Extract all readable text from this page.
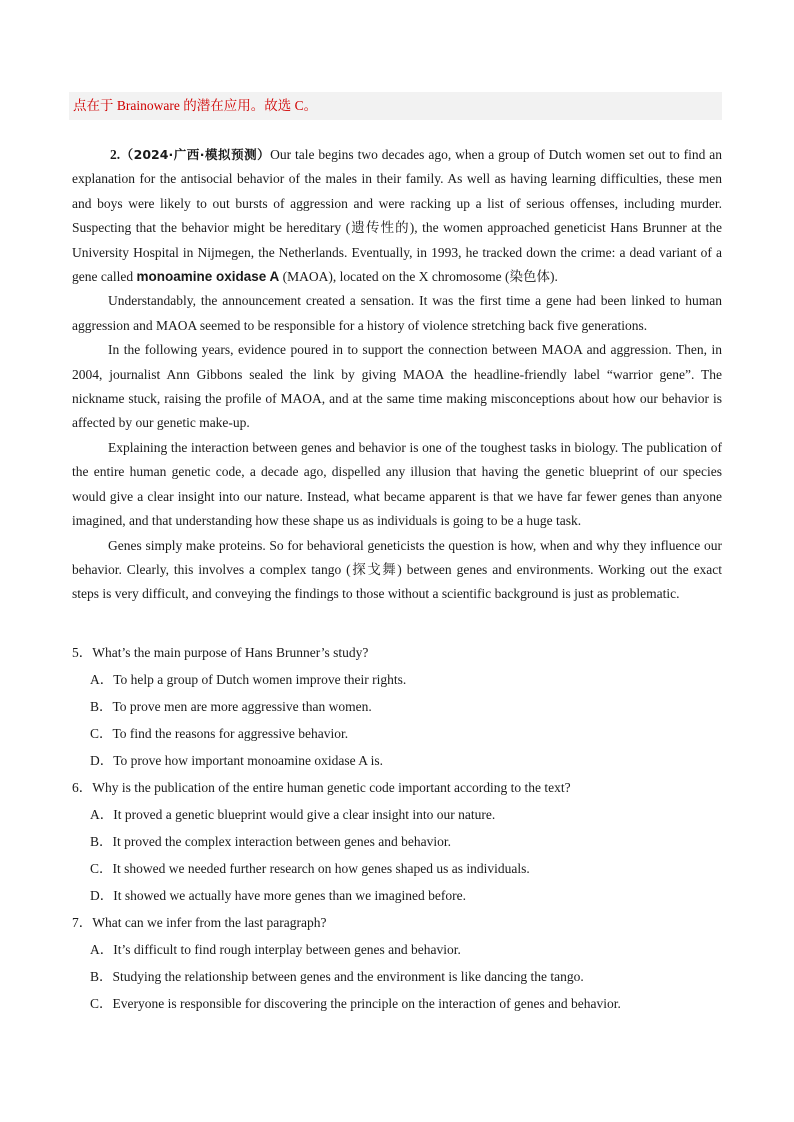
点在于 Brainoware 的潜在应用。故选 C。

2.（2024·广西·模拟预测）Our tale begins two decades ago, when a group of Dutch women set out to find an explanation for the antisocial behavior of the males in their family. As well as having learning difficulties, these men and boys were likely to out bursts of aggression and were racking up a list of serious offenses, including murder. Suspecting that the behavior might be hereditary (遗传性的), the women approached geneticist Hans Brunner at the University Hospital in Nijmegen, the Netherlands. Eventually, in 1993, he tracked down the crime: a dead variant of a gene called monoamine oxidase A (MAOA), located on the X chromosome (染色体).

Understandably, the announcement created a sensation. It was the first time a gene had been linked to human aggression and MAOA seemed to be responsible for a history of violence stretching back five generations.

In the following years, evidence poured in to support the connection between MAOA and aggression. Then, in 2004, journalist Ann Gibbons sealed the link by giving MAOA the headline-friendly label “warrior gene”. The nickname stuck, raising the profile of MAOA, and at the same time making misconceptions about how our behavior is affected by our genetic make-up.

Explaining the interaction between genes and behavior is one of the toughest tasks in biology. The publication of the entire human genetic code, a decade ago, dispelled any illusion that having the genetic blueprint of our species would give a clear insight into our nature. Instead, what became apparent is that we have far fewer genes than anyone imagined, and that understanding how these shape us as individuals is going to be a huge task.

Genes simply make proteins. So for behavioral geneticists the question is how, when and why they influence our behavior. Clearly, this involves a complex tango (探戈舞) between genes and environments. Working out the exact steps is very difficult, and conveying the findings to those without a scientific background is just as problematic.

5．What’s the main purpose of Hans Brunner’s study?
A．To help a group of Dutch women improve their rights.
B．To prove men are more aggressive than women.
C．To find the reasons for aggressive behavior.
D．To prove how important monoamine oxidase A is.
6．Why is the publication of the entire human genetic code important according to the text?
A．It proved a genetic blueprint would give a clear insight into our nature.
B．It proved the complex interaction between genes and behavior.
C．It showed we needed further research on how genes shaped us as individuals.
D．It showed we actually have more genes than we imagined before.
7．What can we infer from the last paragraph?
A．It’s difficult to find rough interplay between genes and behavior.
B．Studying the relationship between genes and the environment is like dancing the tango.
C．Everyone is responsible for discovering the principle on the interaction of genes and behavior.
